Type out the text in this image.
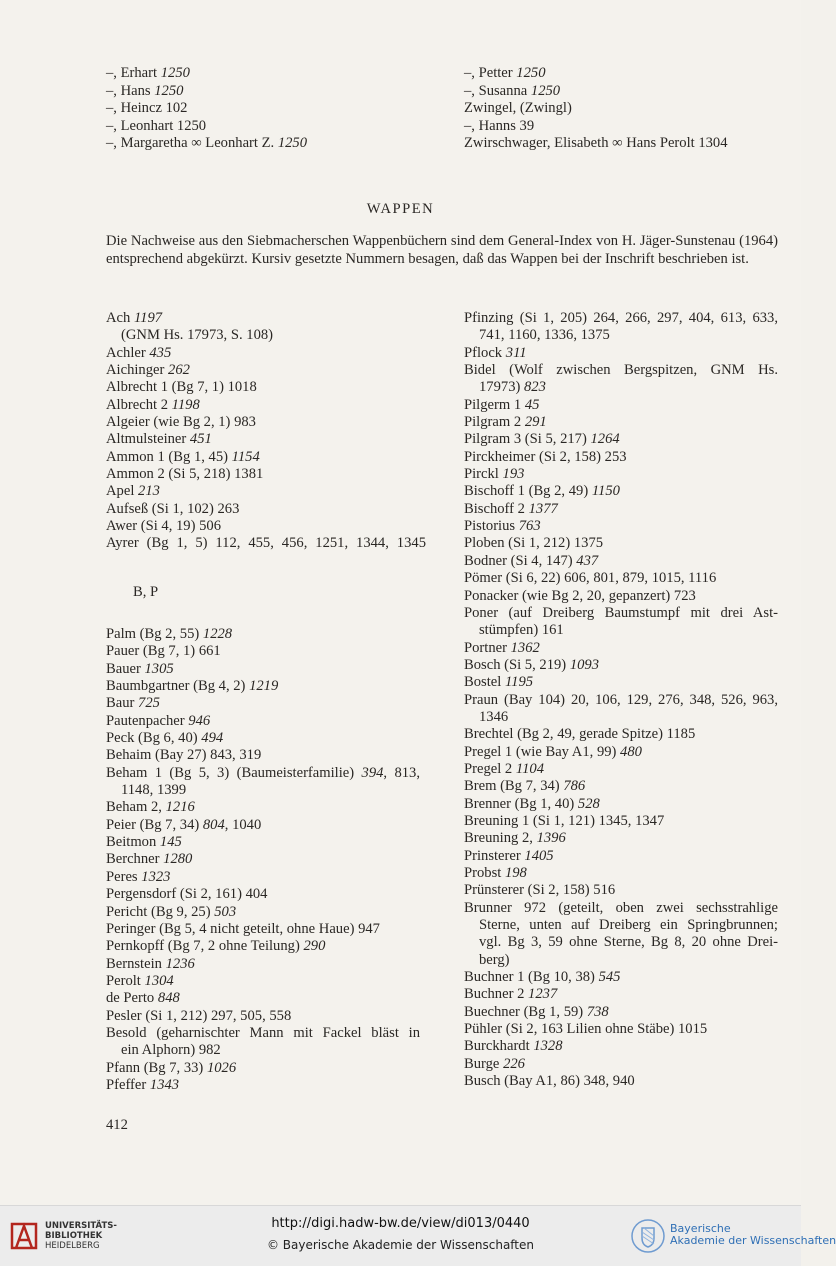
–, Erhart 1250
–, Hans 1250
–, Heincz 102
–, Leonhart 1250
–, Margaretha ∞ Leonhart Z. 1250
–, Petter 1250
–, Susanna 1250
Zwingel, (Zwingl)
–, Hanns 39
Zwirschwager, Elisabeth ∞ Hans Perolt 1304
WAPPEN
Die Nachweise aus den Siebmacherschen Wappenbüchern sind dem General-Index von H. Jäger-Sunstenau (1964) entsprechend abgekürzt. Kursiv gesetzte Nummern besagen, daß das Wappen bei der Inschrift beschrieben ist.
Ach 1197
(GNM Hs. 17973, S. 108)
Achler 435
Aichinger 262
Albrecht 1 (Bg 7, 1) 1018
Albrecht 2 1198
Algeier (wie Bg 2, 1) 983
Altmulsteiner 451
Ammon 1 (Bg 1, 45) 1154
Ammon 2 (Si 5, 218) 1381
Apel 213
Aufseß (Si 1, 102) 263
Awer (Si 4, 19) 506
Ayrer (Bg 1, 5) 112, 455, 456, 1251, 1344, 1345
B, P
Palm (Bg 2, 55) 1228
Pauer (Bg 7, 1) 661
Bauer 1305
Baumbgartner (Bg 4, 2) 1219
Baur 725
Pautenpacher 946
Peck (Bg 6, 40) 494
Behaim (Bay 27) 843, 319
Beham 1 (Bg 5, 3) (Baumeisterfamilie) 394, 813,
1148, 1399
Beham 2, 1216
Peier (Bg 7, 34) 804, 1040
Beitmon 145
Berchner 1280
Peres 1323
Pergensdorf (Si 2, 161) 404
Pericht (Bg 9, 25) 503
Peringer (Bg 5, 4 nicht geteilt, ohne Haue) 947
Pernkopff (Bg 7, 2 ohne Teilung) 290
Bernstein 1236
Perolt 1304
de Perto 848
Pesler (Si 1, 212) 297, 505, 558
Besold (geharnischter Mann mit Fackel bläst in
ein Alphorn) 982
Pfann (Bg 7, 33) 1026
Pfeffer 1343
Pfinzing (Si 1, 205) 264, 266, 297, 404, 613, 633,
741, 1160, 1336, 1375
Pflock 311
Bidel (Wolf zwischen Bergspitzen, GNM Hs.
17973) 823
Pilgerm 1 45
Pilgram 2 291
Pilgram 3 (Si 5, 217) 1264
Pirckheimer (Si 2, 158) 253
Pirckl 193
Bischoff 1 (Bg 2, 49) 1150
Bischoff 2 1377
Pistorius 763
Ploben (Si 1, 212) 1375
Bodner (Si 4, 147) 437
Pömer (Si 6, 22) 606, 801, 879, 1015, 1116
Ponacker (wie Bg 2, 20, gepanzert) 723
Poner (auf Dreiberg Baumstumpf mit drei Ast-
stümpfen) 161
Portner 1362
Bosch (Si 5, 219) 1093
Bostel 1195
Praun (Bay 104) 20, 106, 129, 276, 348, 526, 963,
1346
Brechtel (Bg 2, 49, gerade Spitze) 1185
Pregel 1 (wie Bay A1, 99) 480
Pregel 2 1104
Brem (Bg 7, 34) 786
Brenner (Bg 1, 40) 528
Breuning 1 (Si 1, 121) 1345, 1347
Breuning 2, 1396
Prinsterer 1405
Probst 198
Prünsterer (Si 2, 158) 516
Brunner 972 (geteilt, oben zwei sechsstrahlige
Sterne, unten auf Dreiberg ein Springbrunnen;
vgl. Bg 3, 59 ohne Sterne, Bg 8, 20 ohne Drei-
berg)
Buchner 1 (Bg 10, 38) 545
Buchner 2 1237
Buechner (Bg 1, 59) 738
Pühler (Si 2, 163 Lilien ohne Stäbe) 1015
Burckhardt 1328
Burge 226
Busch (Bay A1, 86) 348, 940
412
UNIVERSITÄTS-
BIBLIOTHEK
HEIDELBERG
http://digi.hadw-bw.de/view/di013/0440
© Bayerische Akademie der Wissenschaften
Bayerische
Akademie der Wissenschaften
